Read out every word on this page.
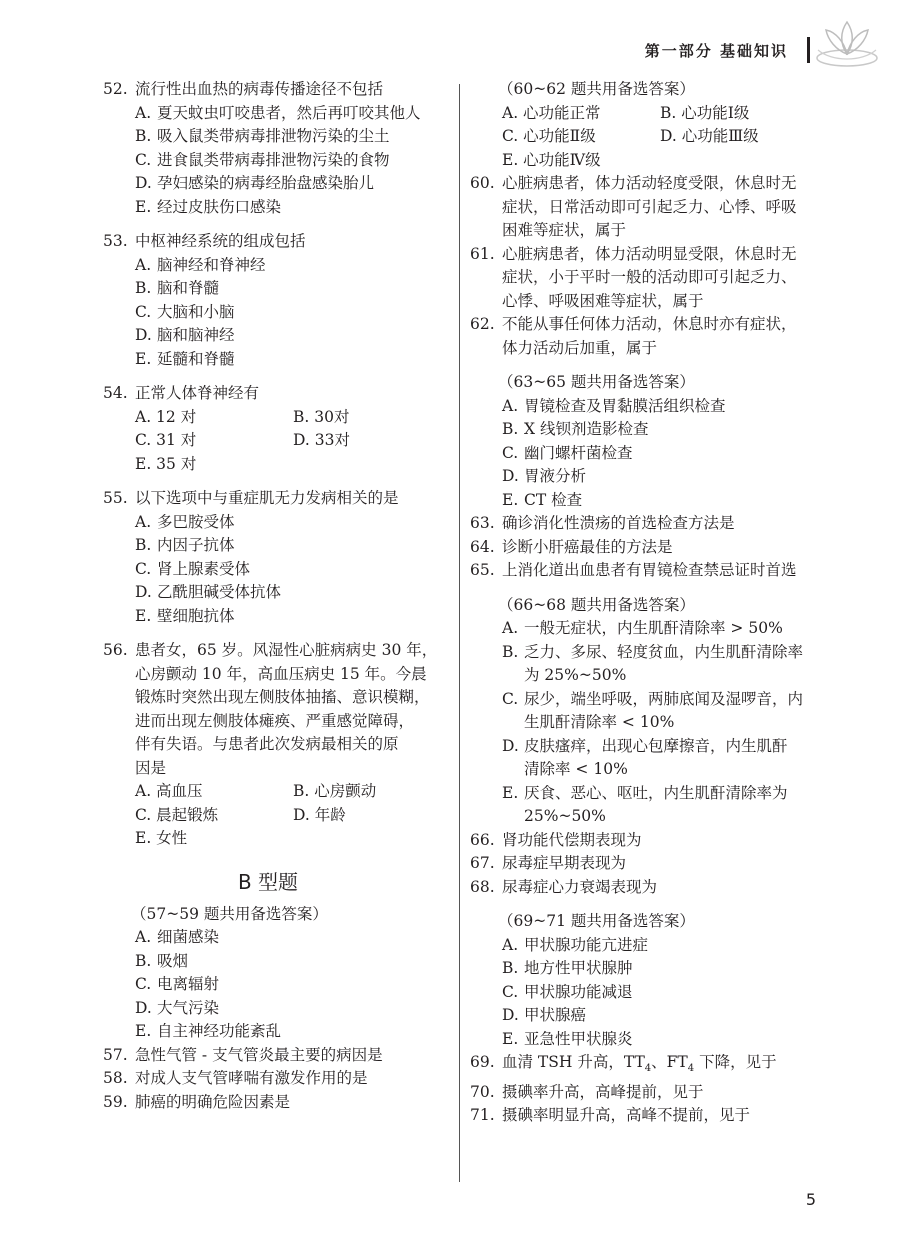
第一部分 基础知识
52. 流行性出血热的病毒传播途径不包括
A. 夏天蚊虫叮咬患者，然后再叮咬其他人
B. 吸入鼠类带病毒排泄物污染的尘土
C. 进食鼠类带病毒排泄物污染的食物
D. 孕妇感染的病毒经胎盘感染胎儿
E. 经过皮肤伤口感染
53. 中枢神经系统的组成包括
A. 脑神经和脊神经
B. 脑和脊髓
C. 大脑和小脑
D. 脑和脑神经
E. 延髓和脊髓
54. 正常人体脊神经有
A. 12 对	B. 30对
C. 31 对	D. 33对
E. 35 对
55. 以下选项中与重症肌无力发病相关的是
A. 多巴胺受体
B. 内因子抗体
C. 肾上腺素受体
D. 乙酰胆碱受体抗体
E. 壁细胞抗体
56. 患者女，65 岁。风湿性心脏病病史 30 年，
心房颤动 10 年，高血压病史 15 年。今晨
锻炼时突然出现左侧肢体抽搐、意识模糊，
进而出现左侧肢体瘫痪、严重感觉障碍，
伴有失语。与患者此次发病最相关的原
因是
A. 高血压	B. 心房颤动
C. 晨起锻炼	D. 年龄
E. 女性
B 型题
（57~59 题共用备选答案）
A. 细菌感染
B. 吸烟
C. 电离辐射
D. 大气污染
E. 自主神经功能紊乱
57. 急性气管 - 支气管炎最主要的病因是
58. 对成人支气管哮喘有激发作用的是
59. 肺癌的明确危险因素是
（60~62 题共用备选答案）
A. 心功能正常	B. 心功能Ⅰ级
C. 心功能Ⅱ级	D. 心功能Ⅲ级
E. 心功能Ⅳ级
60. 心脏病患者，体力活动轻度受限，休息时无
症状，日常活动即可引起乏力、心悸、呼吸
困难等症状，属于
61. 心脏病患者，体力活动明显受限，休息时无
症状，小于平时一般的活动即可引起乏力、
心悸、呼吸困难等症状，属于
62. 不能从事任何体力活动，休息时亦有症状，
体力活动后加重，属于
（63~65 题共用备选答案）
A. 胃镜检查及胃黏膜活组织检查
B. X 线钡剂造影检查
C. 幽门螺杆菌检查
D. 胃液分析
E. CT 检查
63. 确诊消化性溃疡的首选检查方法是
64. 诊断小肝癌最佳的方法是
65. 上消化道出血患者有胃镜检查禁忌证时首选
（66~68 题共用备选答案）
A. 一般无症状，内生肌酐清除率 > 50%
B. 乏力、多尿、轻度贫血，内生肌酐清除率
为 25%~50%
C. 尿少，端坐呼吸，两肺底闻及湿啰音，内
生肌酐清除率 < 10%
D. 皮肤瘙痒，出现心包摩擦音，内生肌酐
清除率 < 10%
E. 厌食、恶心、呕吐，内生肌酐清除率为
25%~50%
66. 肾功能代偿期表现为
67. 尿毒症早期表现为
68. 尿毒症心力衰竭表现为
（69~71 题共用备选答案）
A. 甲状腺功能亢进症
B. 地方性甲状腺肿
C. 甲状腺功能减退
D. 甲状腺癌
E. 亚急性甲状腺炎
69. 血清 TSH 升高，$TT_4$、$FT_4$ 下降，见于
70. 摄碘率升高，高峰提前，见于
71. 摄碘率明显升高，高峰不提前，见于
5
